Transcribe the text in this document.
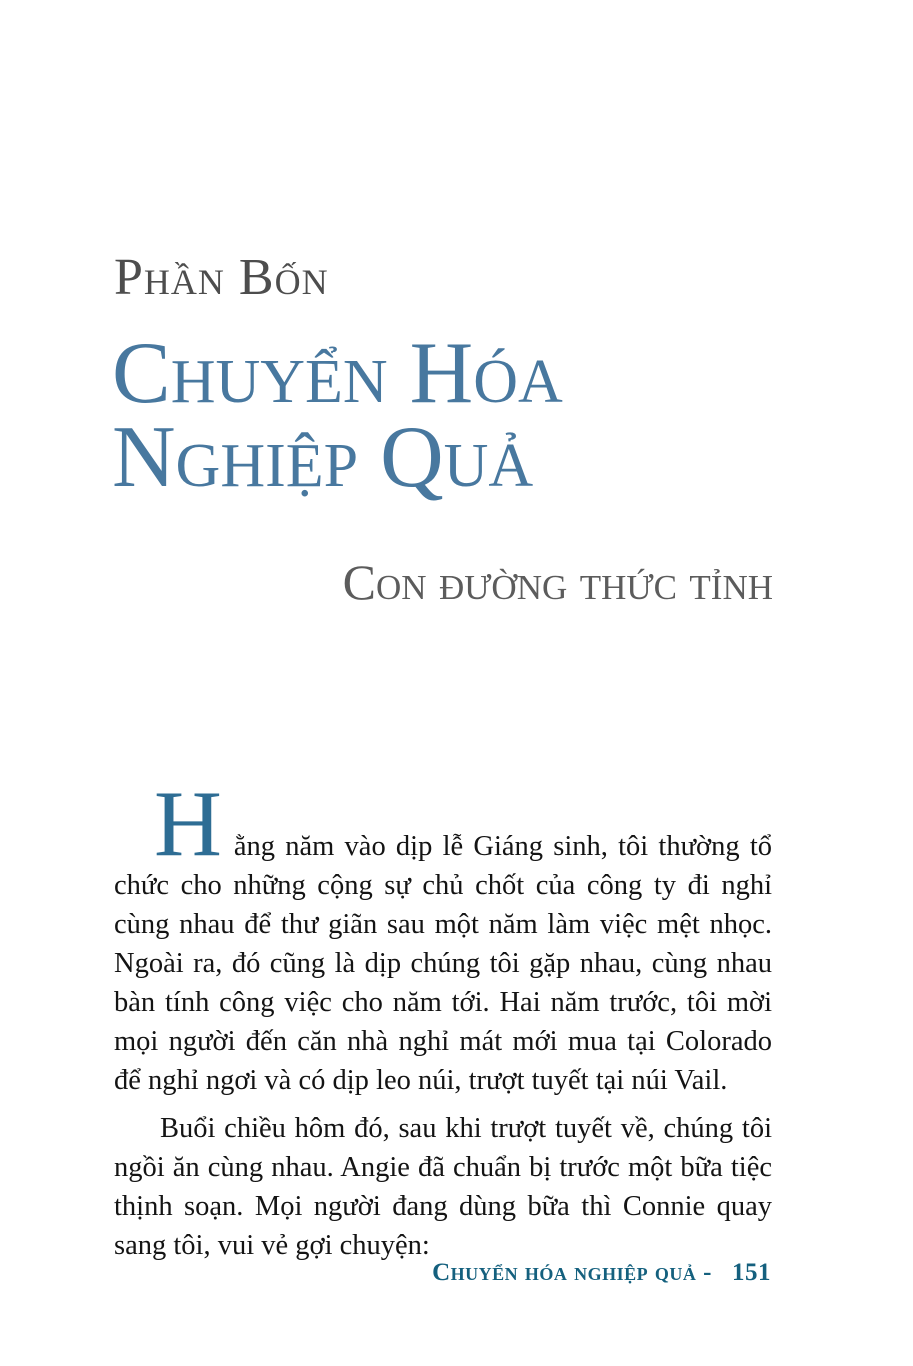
Phần Bốn
Chuyển Hóa
Nghiệp Quả
Con đường thức tỉnh

Hằng năm vào dịp lễ Giáng sinh, tôi thường tổ chức cho những cộng sự chủ chốt của công ty đi nghỉ cùng nhau để thư giãn sau một năm làm việc mệt nhọc. Ngoài ra, đó cũng là dịp chúng tôi gặp nhau, cùng nhau bàn tính công việc cho năm tới. Hai năm trước, tôi mời mọi người đến căn nhà nghỉ mát mới mua tại Colorado để nghỉ ngơi và có dịp leo núi, trượt tuyết tại núi Vail.

Buổi chiều hôm đó, sau khi trượt tuyết về, chúng tôi ngồi ăn cùng nhau. Angie đã chuẩn bị trước một bữa tiệc thịnh soạn. Mọi người đang dùng bữa thì Connie quay sang tôi, vui vẻ gợi chuyện:

Chuyển hóa nghiệp quả - 151
